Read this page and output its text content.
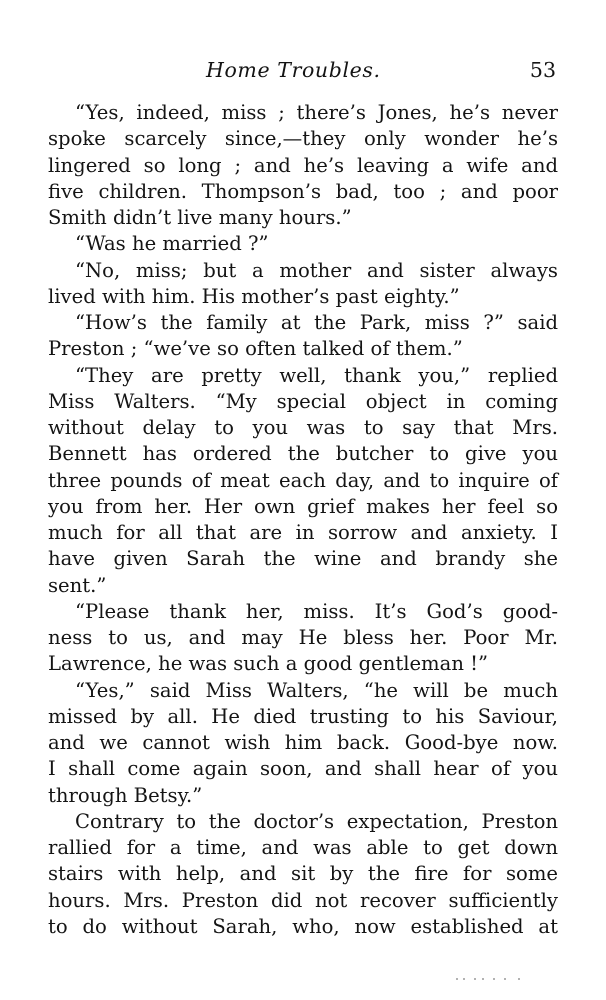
Home Troubles.	53
“Yes, indeed, miss ; there’s Jones, he’s never
spoke scarcely since,—they only wonder he’s
lingered so long ; and he’s leaving a wife and
five children. Thompson’s bad, too ; and poor
Smith didn’t live many hours.”
“Was he married ?”
“No, miss; but a mother and sister always
lived with him. His mother’s past eighty.”
“How’s the family at the Park, miss ?” said
Preston ; “we’ve so often talked of them.”
“They are pretty well, thank you,” replied
Miss Walters. “My special object in coming
without delay to you was to say that Mrs.
Bennett has ordered the butcher to give you
three pounds of meat each day, and to inquire of
you from her. Her own grief makes her feel so
much for all that are in sorrow and anxiety. I
have given Sarah the wine and brandy she
sent.”
“Please thank her, miss. It’s God’s good-
ness to us, and may He bless her. Poor Mr.
Lawrence, he was such a good gentleman !”
“Yes,” said Miss Walters, “he will be much
missed by all. He died trusting to his Saviour,
and we cannot wish him back. Good-bye now.
I shall come again soon, and shall hear of you
through Betsy.”
Contrary to the doctor’s expectation, Preston
rallied for a time, and was able to get down
stairs with help, and sit by the fire for some
hours. Mrs. Preston did not recover sufficiently
to do without Sarah, who, now established at
